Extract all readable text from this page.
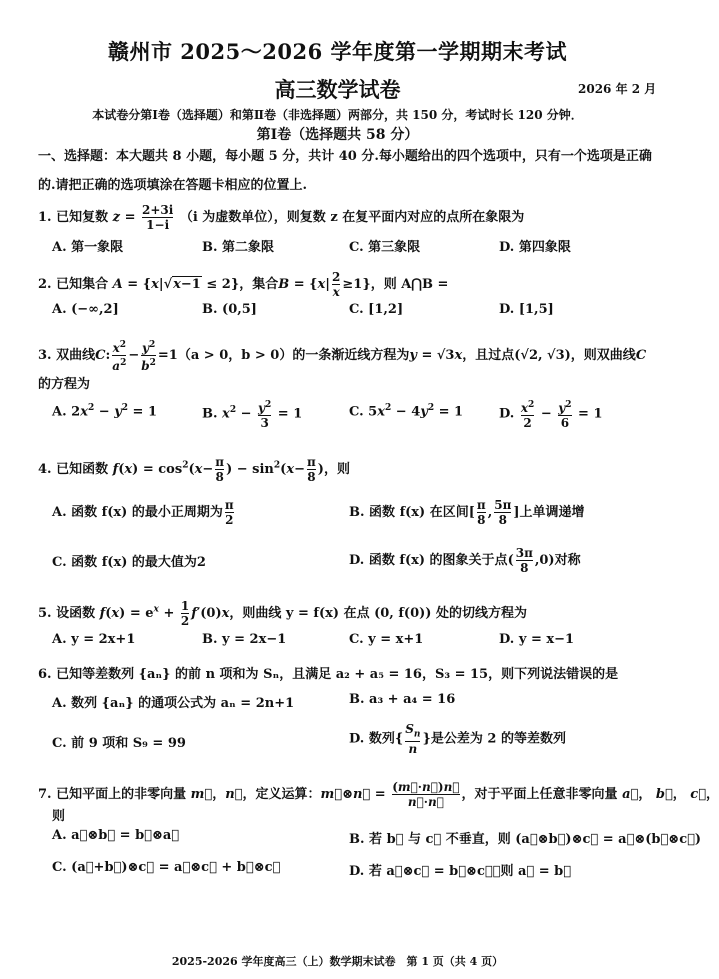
赣州市 2025～2026 学年度第一学期期末考试
高三数学试卷	2026 年 2 月
本试卷分第Ⅰ卷（选择题）和第Ⅱ卷（非选择题）两部分，共 150 分，考试时长 120 分钟．
第Ⅰ卷（选择题共 58 分）
一、选择题：本大题共 8 小题，每小题 5 分，共计 40 分.每小题给出的四个选项中，只有一个选项是正确的.请把正确的选项填涂在答题卡相应的位置上.
1. 已知复数 $z = \frac{2+3i}{1-i} (i$ 为虚数单位），则复数 z 在复平面内对应的点所在象限为
A. 第一象限	B. 第二象限	C. 第三象限	D. 第四象限
2. 已知集合 A = {x|√x−1 ≤ 2}，集合$B = \{x| \frac{2}{x} \ge 1\}$，则 A⋂B =
A. (−∞,2]	B. (0,5]	C. [1,2]	D. [1,5]
3. 双曲线C: $\frac{x^2}{a^2} - \frac{y^2}{b^2} =1(a > 0$，b > 0）的一条渐近线方程为y = √3x，且过点(√2, √3)，则双曲线C
的方程为
A. $2x^2 - y^2 = 1$	B. $x^2 - \frac{y^2}{3} = 1$	C. $5x^2 - 4y^2 = 1$	D. $\frac{x^2}{2} - \frac{y^2}{6} = 1$
4. 已知函数 $f(x) = \cos^2(x- \frac{\pi}{8}$ ) − $\sin^2(x- \frac{\pi}{8}$ )，则
A. 函数 f(x) 的最小正周期为 $\frac{\pi}{2}$	B. 函数 f(x) 在区间[ $\frac{\pi}{8}$ , $\frac{5\pi}{8}$ ]上单调递增
C. 函数 f(x) 的最大值为2	D. 函数 f(x) 的图象关于点( $\frac{3\pi}{8} ,0$)对称
5. 设函数 $f(x) = e^x + \frac{1}{2} f'(0)x$，则曲线 y = f(x) 在点 (0, f(0)) 处的切线方程为
A. y = 2x+1	B. y = 2x−1	C. y = x+1	D. y = x−1
6. 已知等差数列 {aₙ} 的前 n 项和为 Sₙ，且满足 a₂ + a₅ = 16，S₃ = 15，则下列说法错误的是
A. 数列 {aₙ} 的通项公式为 aₙ = 2n+1	B. a₃ + a₄ = 16
C. 前 9 项和 S₉ = 99	D. 数列{ $\frac{S_n}{n}$ }是公差为 2 的等差数列
7. 已知平面上的非零向量 m⃗，n⃗，定义运算：m⃗⊗n⃗ = $\frac{(m⃗\cdot n⃗)n⃗}{n⃗\cdot n⃗}$ ，对于平面上任意非零向量 a⃗， b⃗， c⃗，
则
A. a⃗⊗b⃗ = b⃗⊗a⃗	B. 若 b⃗ 与 c⃗ 不垂直，则 (a⃗⊗b⃗)⊗c⃗ = a⃗⊗(b⃗⊗c⃗)
C. (a⃗+b⃗)⊗c⃗ = a⃗⊗c⃗ + b⃗⊗c⃗	D. 若 a⃗⊗c⃗ = b⃗⊗c⃗，则 a⃗ = b⃗
2025-2026 学年度高三（上）数学期末试卷　第 1 页（共 4 页）
